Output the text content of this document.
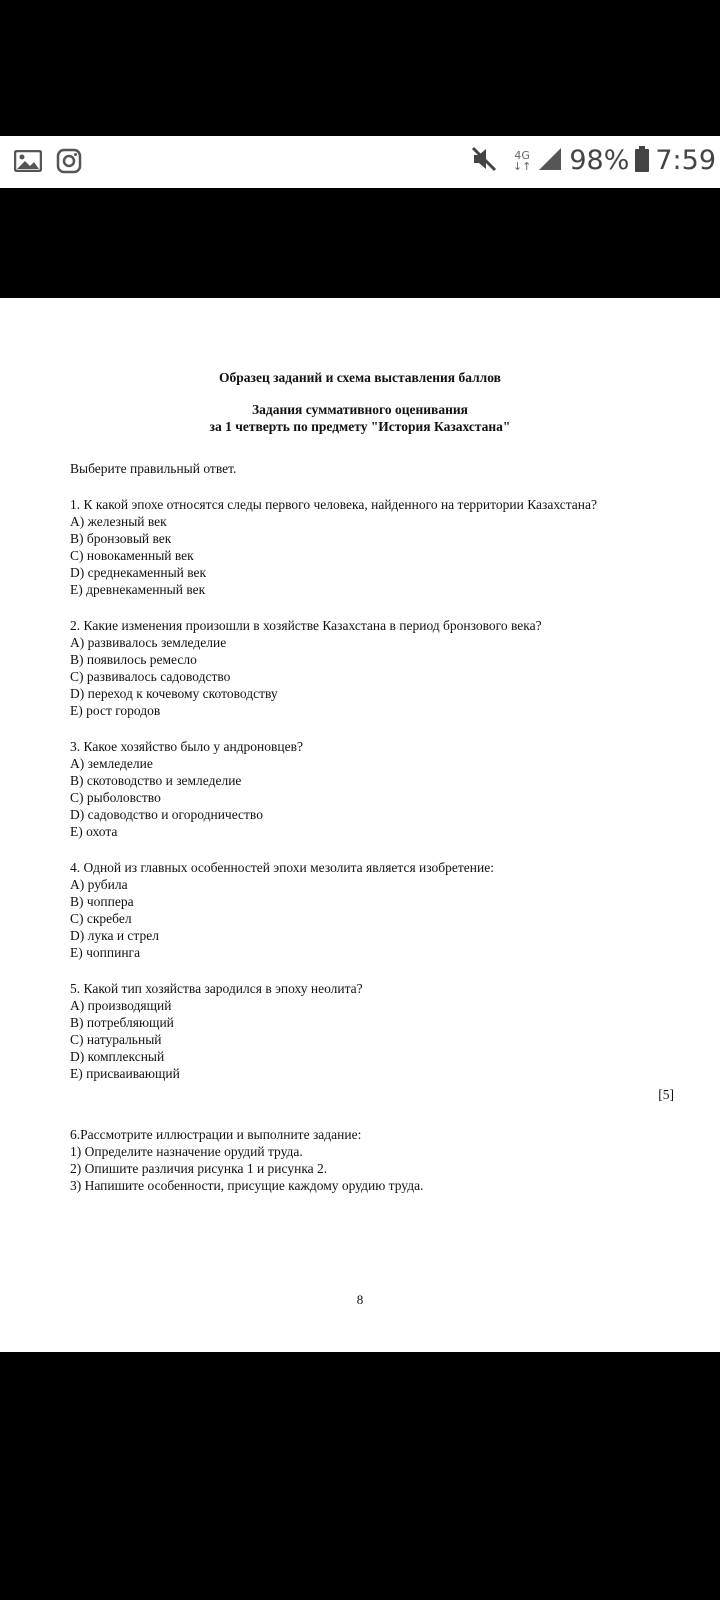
4G
↓↑ 98% 7:59
Образец заданий и схема выставления баллов
Задания суммативного оценивания
за 1 четверть по предмету "История Казахстана"
Выберите правильный ответ.
1. К какой эпохе относятся следы первого человека, найденного на территории Казахстана?
A) железный век
B) бронзовый век
C) новокаменный век
D) среднекаменный век
E) древнекаменный век
2. Какие изменения произошли в хозяйстве Казахстана в период бронзового века?
A) развивалось земледелие
B) появилось ремесло
C) развивалось садоводство
D) переход к кочевому скотоводству
E) рост городов
3. Какое хозяйство было у андроновцев?
A) земледелие
B) скотоводство и земледелие
C) рыболовство
D) садоводство и огородничество
E) охота
4. Одной из главных особенностей эпохи мезолита является изобретение:
A) рубила
B) чоппера
C) скребел
D) лука и стрел
E) чоппинга
5. Какой тип хозяйства зародился в эпоху неолита?
A) производящий
B) потребляющий
C) натуральный
D) комплексный
E) присваивающий
[5]
6.Рассмотрите иллюстрации и выполните задание:
1) Определите назначение орудий труда.
2) Опишите различия рисунка 1 и рисунка 2.
3) Напишите особенности, присущие каждому орудию труда.
8
